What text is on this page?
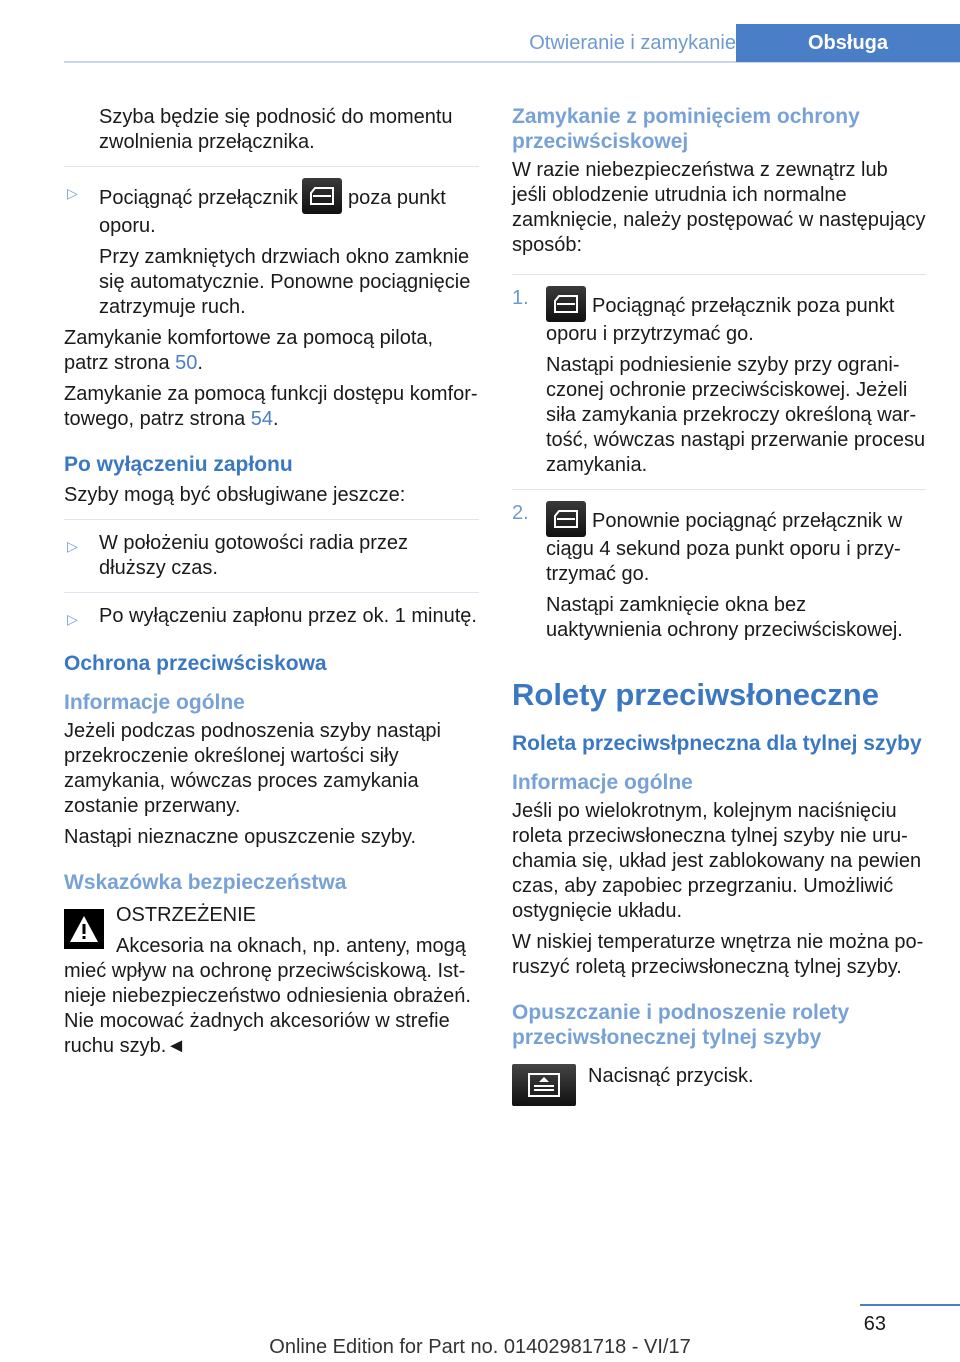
Otwieranie i zamykanie	Obsługa

Szyba będzie się podnosić do momentu zwolnienia przełącznika.

▷ Pociągnąć przełącznik	poza punkt oporu.

Przy zamkniętych drzwiach okno zamknie się automatycznie. Ponowne pociągnięcie zatrzymuje ruch.

Zamykanie komfortowe za pomocą pilota, patrz strona 50.

Zamykanie za pomocą funkcji dostępu komfortowego, patrz strona 54.

Po wyłączeniu zapłonu

Szyby mogą być obsługiwane jeszcze:

▷ W położeniu gotowości radia przez dłuższy czas.

▷ Po wyłączeniu zapłonu przez ok. 1 minutę.

Ochrona przeciwściskowa
Informacje ogólne

Jeżeli podczas podnoszenia szyby nastąpi przekroczenie określonej wartości siły zamykania, wówczas proces zamykania zostanie przerwany.

Nastąpi nieznaczne opuszczenie szyby.

Wskazówka bezpieczeństwa

OSTRZEŻENIE

Akcesoria na oknach, np. anteny, mogą mieć wpływ na ochronę przeciwściskową. Istnieje niebezpieczeństwo odniesienia obrażeń. Nie mocować żadnych akcesoriów w strefie ruchu szyb.◄

Zamykanie z pominięciem ochrony przeciwściskowej

W razie niebezpieczeństwa z zewnątrz lub jeśli oblodzenie utrudnia ich normalne zamknięcie, należy postępować w następujący sposób:

1.	Pociągnąć przełącznik poza punkt oporu i przytrzymać go.

Nastąpi podniesienie szyby przy ograniczonej ochronie przeciwściskowej. Jeżeli siła zamykania przekroczy określoną wartość, wówczas nastąpi przerwanie procesu zamykania.

2.	Ponownie pociągnąć przełącznik w ciągu 4 sekund poza punkt oporu i przytrzymać go.

Nastąpi zamknięcie okna bez uaktywnienia ochrony przeciwściskowej.

Rolety przeciwsłoneczne
Roleta przeciwsłpneczna dla tylnej szyby
Informacje ogólne

Jeśli po wielokrotnym, kolejnym naciśnięciu roleta przeciwsłoneczna tylnej szyby nie uruchamia się, układ jest zablokowany na pewien czas, aby zapobiec przegrzaniu. Umożliwić ostygnięcie układu.

W niskiej temperaturze wnętrza nie można poruszyć roletą przeciwsłoneczną tylnej szyby.

Opuszczanie i podnoszenie rolety przeciwsłonecznej tylnej szyby

Nacisnąć przycisk.

63
Online Edition for Part no. 01402981718 - VI/17
